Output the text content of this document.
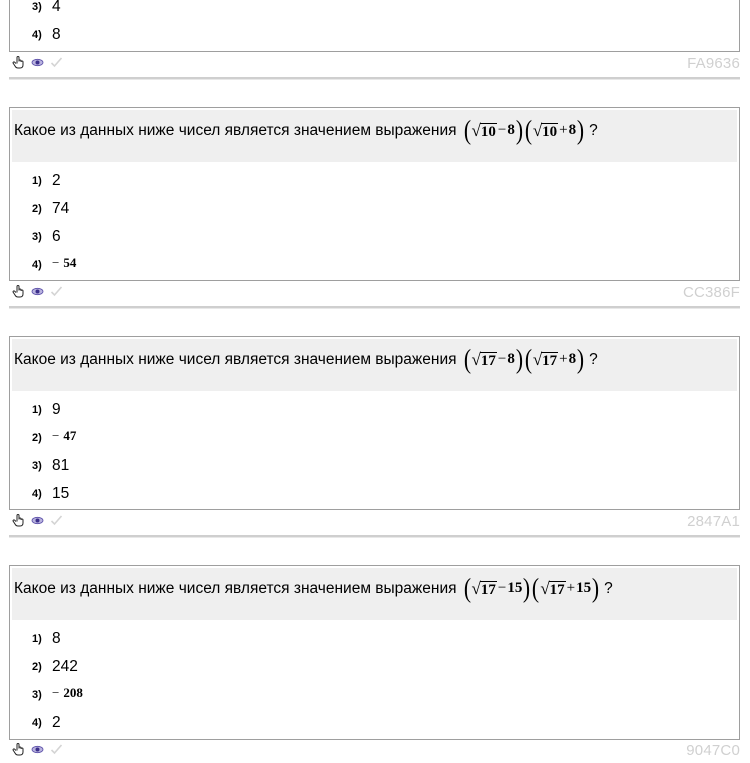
3) 4
4) 8
FA9636
Какое из данных ниже чисел является значением выражения ( √ 10 − 8 ) ( √ 10 + 8 ) ?
1) 2
2) 74
3) 6
4) − 54
CC386F
Какое из данных ниже чисел является значением выражения ( √ 17 − 8 ) ( √ 17 + 8 ) ?
1) 9
2) − 47
3) 81
4) 15
2847A1
Какое из данных ниже чисел является значением выражения ( √ 17 − 15 ) ( √ 17 + 15 ) ?
1) 8
2) 242
3) − 208
4) 2
9047C0
